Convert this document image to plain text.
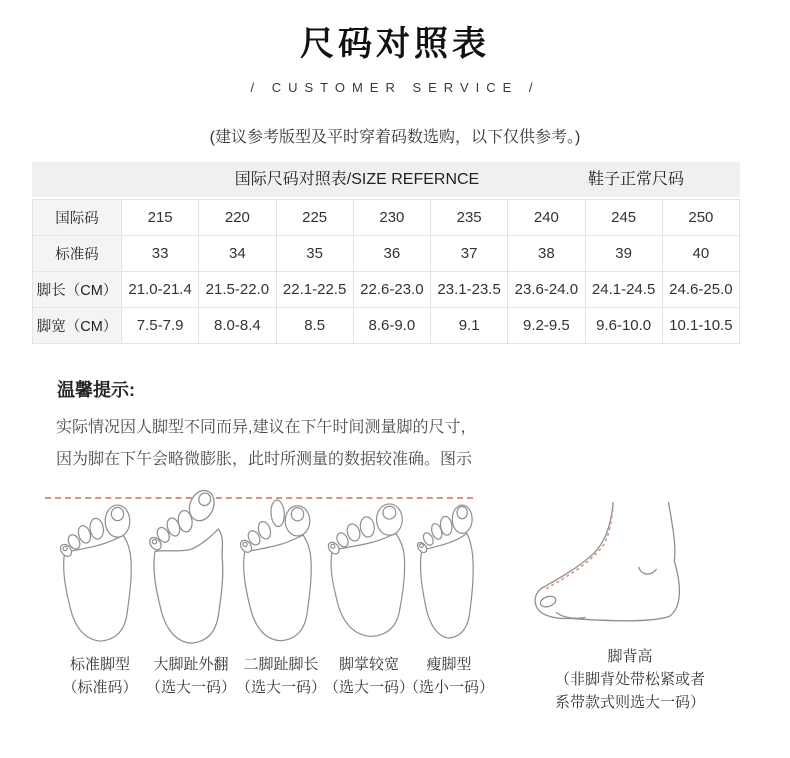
尺码对照表
/ CUSTOMER SERVICE /
(建议参考版型及平时穿着码数选购，以下仅供参考。)
国际尺码对照表/SIZE REFERNCE	鞋子正常尺码
国际码	215	220	225	230	235	240	245	250
标准码	33	34	35	36	37	38	39	40
脚长（CM） 21.0-21.4 21.5-22.0 22.1-22.5 22.6-23.0 23.1-23.5 23.6-24.0 24.1-24.5 24.6-25.0
脚宽（CM）	7.5-7.9	8.0-8.4	8.5	8.6-9.0	9.1	9.2-9.5	9.6-10.0	10.1-10.5
温馨提示:
实际情况因人脚型不同而异,建议在下午时间测量脚的尺寸，
因为脚在下午会略微膨胀，此时所测量的数据较准确。图示
标准脚型
（标准码）
大脚趾外翻
（选大一码）
二脚趾脚长
（选大一码）
脚掌较宽
（选大一码）
瘦脚型
（选小一码）
脚背高
（非脚背处带松紧或者
系带款式则选大一码）
